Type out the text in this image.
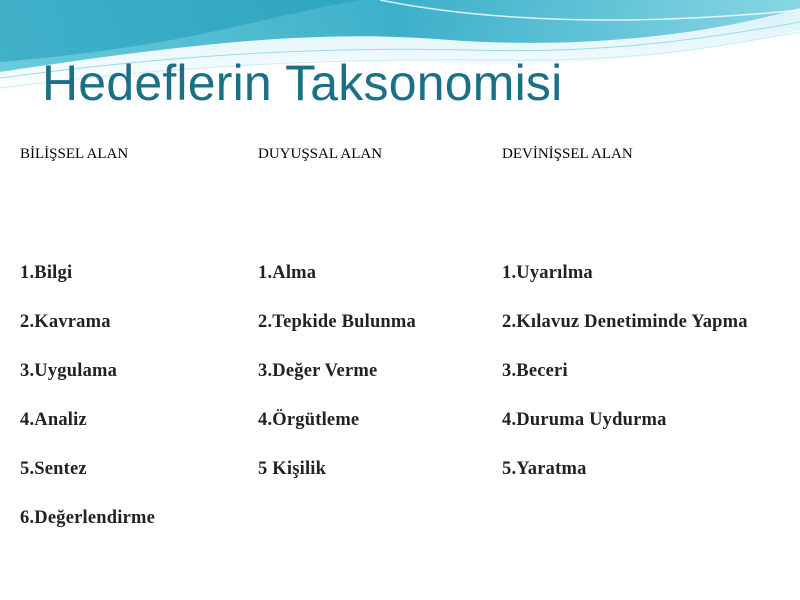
Hedeflerin Taksonomisi
BİLİŞSEL ALAN
1.Bilgi
2.Kavrama
3.Uygulama
4.Analiz
5.Sentez
6.Değerlendirme
DUYUŞSAL ALAN
1.Alma
2.Tepkide Bulunma
3.Değer Verme
4.Örgütleme
5 Kişilik
DEVİNİŞSEL ALAN
1.Uyarılma
2.Kılavuz Denetiminde Yapma
3.Beceri
4.Duruma Uydurma
5.Yaratma
